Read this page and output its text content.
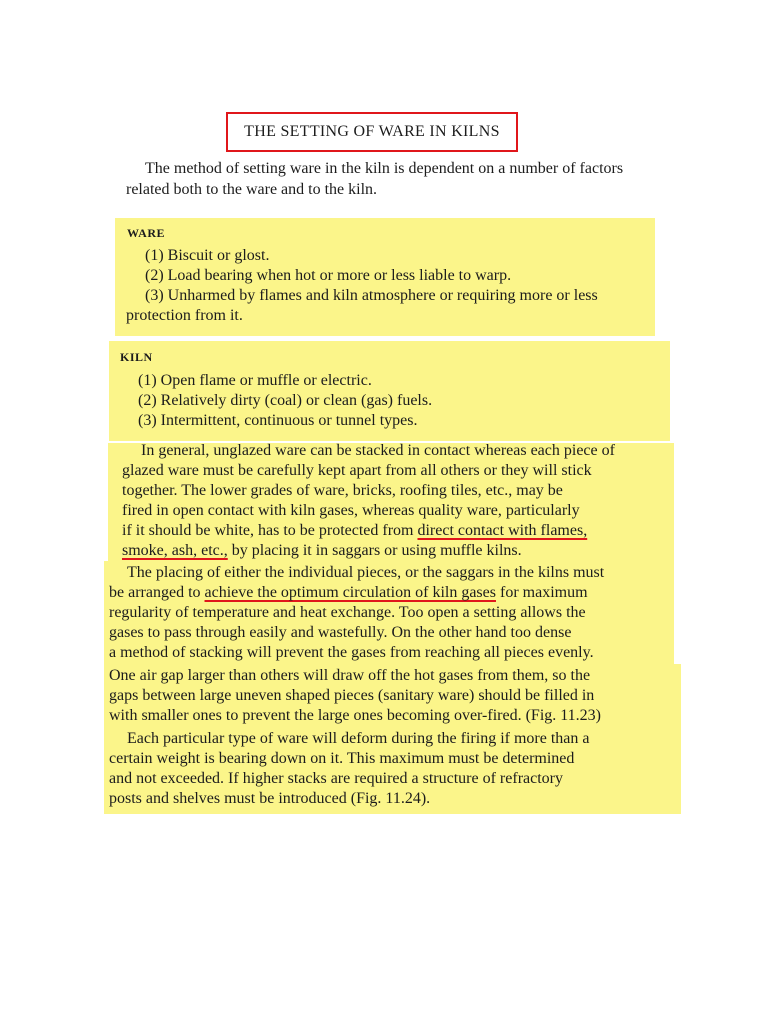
THE SETTING OF WARE IN KILNS
The method of setting ware in the kiln is dependent on a number of factors
related both to the ware and to the kiln.
WARE
(1) Biscuit or glost.
(2) Load bearing when hot or more or less liable to warp.
(3) Unharmed by flames and kiln atmosphere or requiring more or less
protection from it.
KILN
(1) Open flame or muffle or electric.
(2) Relatively dirty (coal) or clean (gas) fuels.
(3) Intermittent, continuous or tunnel types.
In general, unglazed ware can be stacked in contact whereas each piece of
glazed ware must be carefully kept apart from all others or they will stick
together. The lower grades of ware, bricks, roofing tiles, etc., may be
fired in open contact with kiln gases, whereas quality ware, particularly
if it should be white, has to be protected from direct contact with flames,
smoke, ash, etc., by placing it in saggars or using muffle kilns.
The placing of either the individual pieces, or the saggars in the kilns must
be arranged to achieve the optimum circulation of kiln gases for maximum
regularity of temperature and heat exchange. Too open a setting allows the
gases to pass through easily and wastefully. On the other hand too dense
a method of stacking will prevent the gases from reaching all pieces evenly.
One air gap larger than others will draw off the hot gases from them, so the
gaps between large uneven shaped pieces (sanitary ware) should be filled in
with smaller ones to prevent the large ones becoming over-fired. (Fig. 11.23)
Each particular type of ware will deform during the firing if more than a
certain weight is bearing down on it. This maximum must be determined
and not exceeded. If higher stacks are required a structure of refractory
posts and shelves must be introduced (Fig. 11.24).
